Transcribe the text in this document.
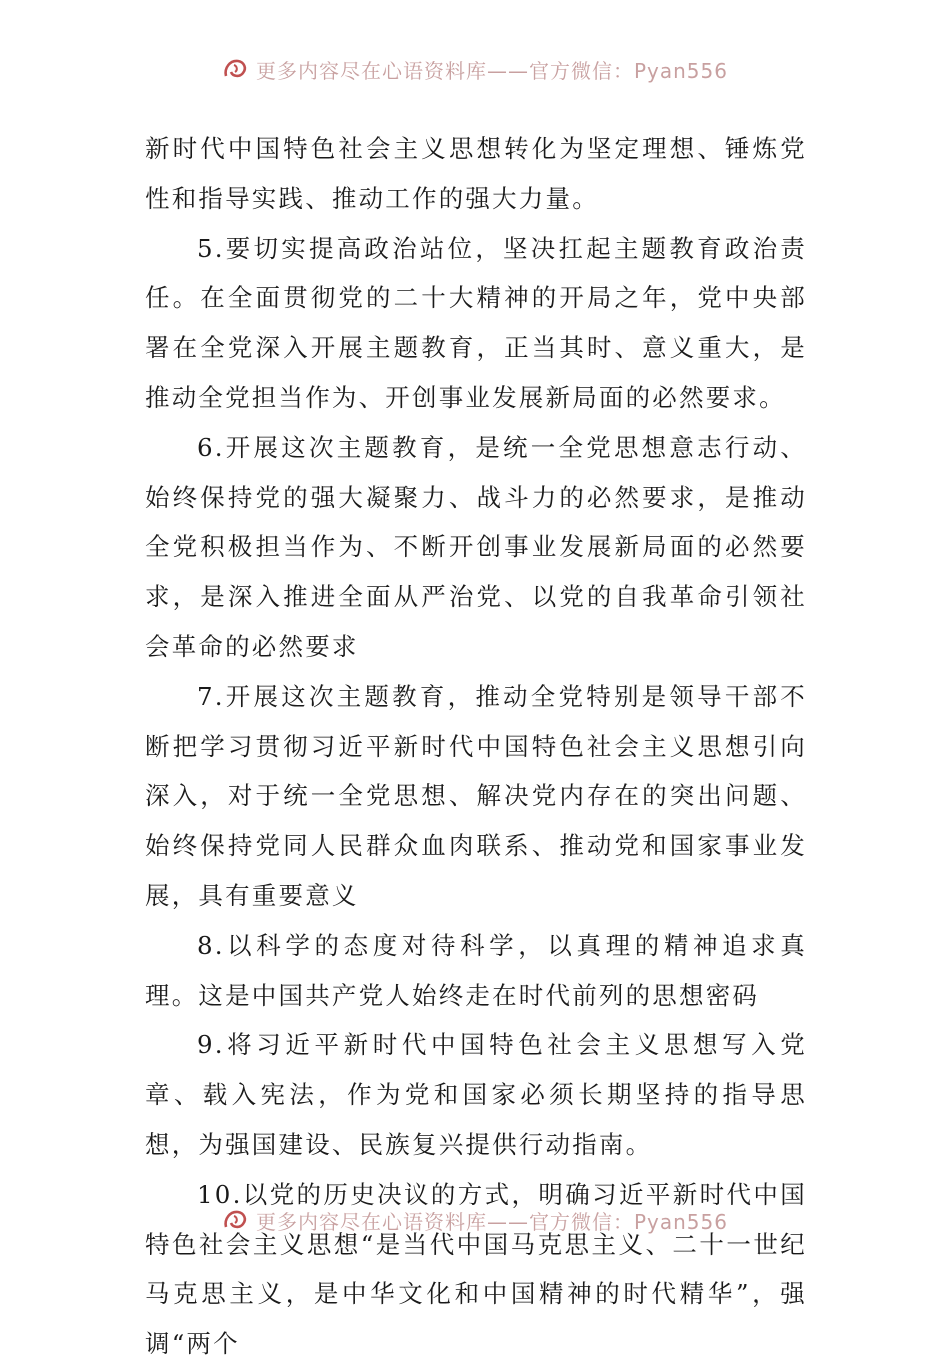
更多内容尽在心语资料库——官方微信：Pyan556

新时代中国特色社会主义思想转化为坚定理想、锤炼党性和指导实践、推动工作的强大力量。

5.要切实提高政治站位，坚决扛起主题教育政治责任。在全面贯彻党的二十大精神的开局之年，党中央部署在全党深入开展主题教育，正当其时、意义重大，是推动全党担当作为、开创事业发展新局面的必然要求。

6.开展这次主题教育，是统一全党思想意志行动、始终保持党的强大凝聚力、战斗力的必然要求，是推动全党积极担当作为、不断开创事业发展新局面的必然要求，是深入推进全面从严治党、以党的自我革命引领社会革命的必然要求

7.开展这次主题教育，推动全党特别是领导干部不断把学习贯彻习近平新时代中国特色社会主义思想引向深入，对于统一全党思想、解决党内存在的突出问题、始终保持党同人民群众血肉联系、推动党和国家事业发展，具有重要意义

8.以科学的态度对待科学，以真理的精神追求真理。这是中国共产党人始终走在时代前列的思想密码

9.将习近平新时代中国特色社会主义思想写入党章、载入宪法，作为党和国家必须长期坚持的指导思想，为强国建设、民族复兴提供行动指南。

10.以党的历史决议的方式，明确习近平新时代中国特色社会主义思想“是当代中国马克思主义、二十一世纪马克思主义，是中华文化和中国精神的时代精华”，强调“两个

更多内容尽在心语资料库——官方微信：Pyan556
